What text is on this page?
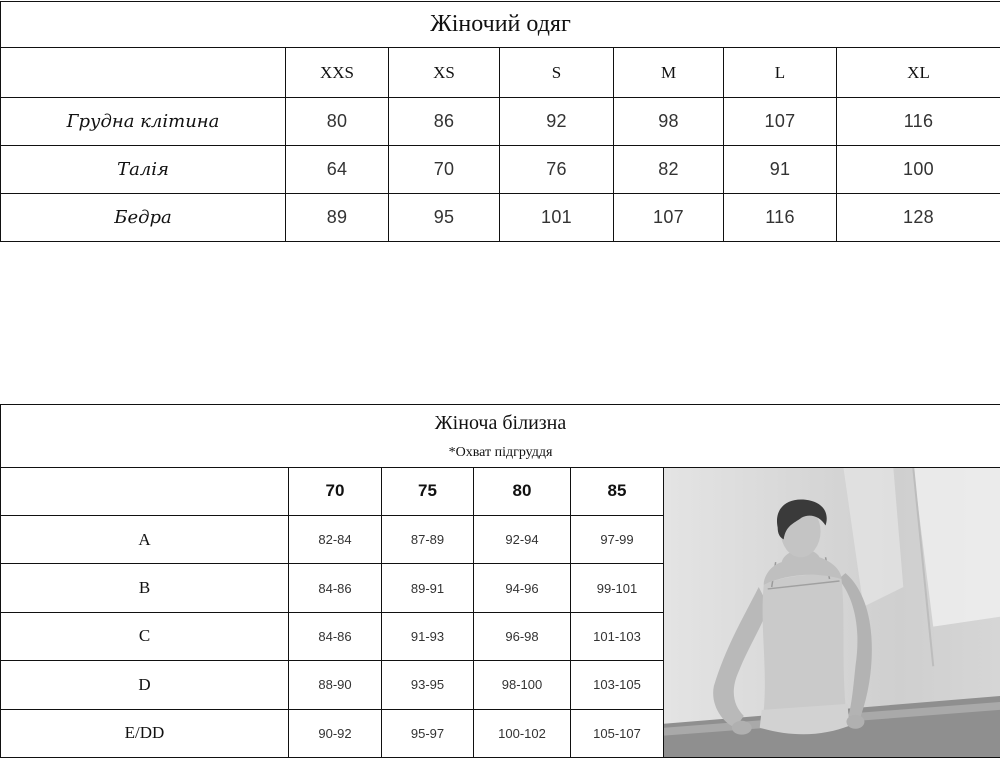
Жіночий одяг						
	XXS	XS	S	M	L	XL
Грудна клітина	80	86	92	98	107	116
Талія	64	70	76	82	91	100
Бедра	89	95	101	107	116	128
Жіноча білизна
*Охват підгруддя					

	70	75	80	85	

A	82-84	87-89	92-94	97-99	
B	84-86	89-91	94-96	99-101	
C	84-86	91-93	96-98	101-103	
D	88-90	93-95	98-100	103-105	
E/DD	90-92	95-97	100-102	105-107	
